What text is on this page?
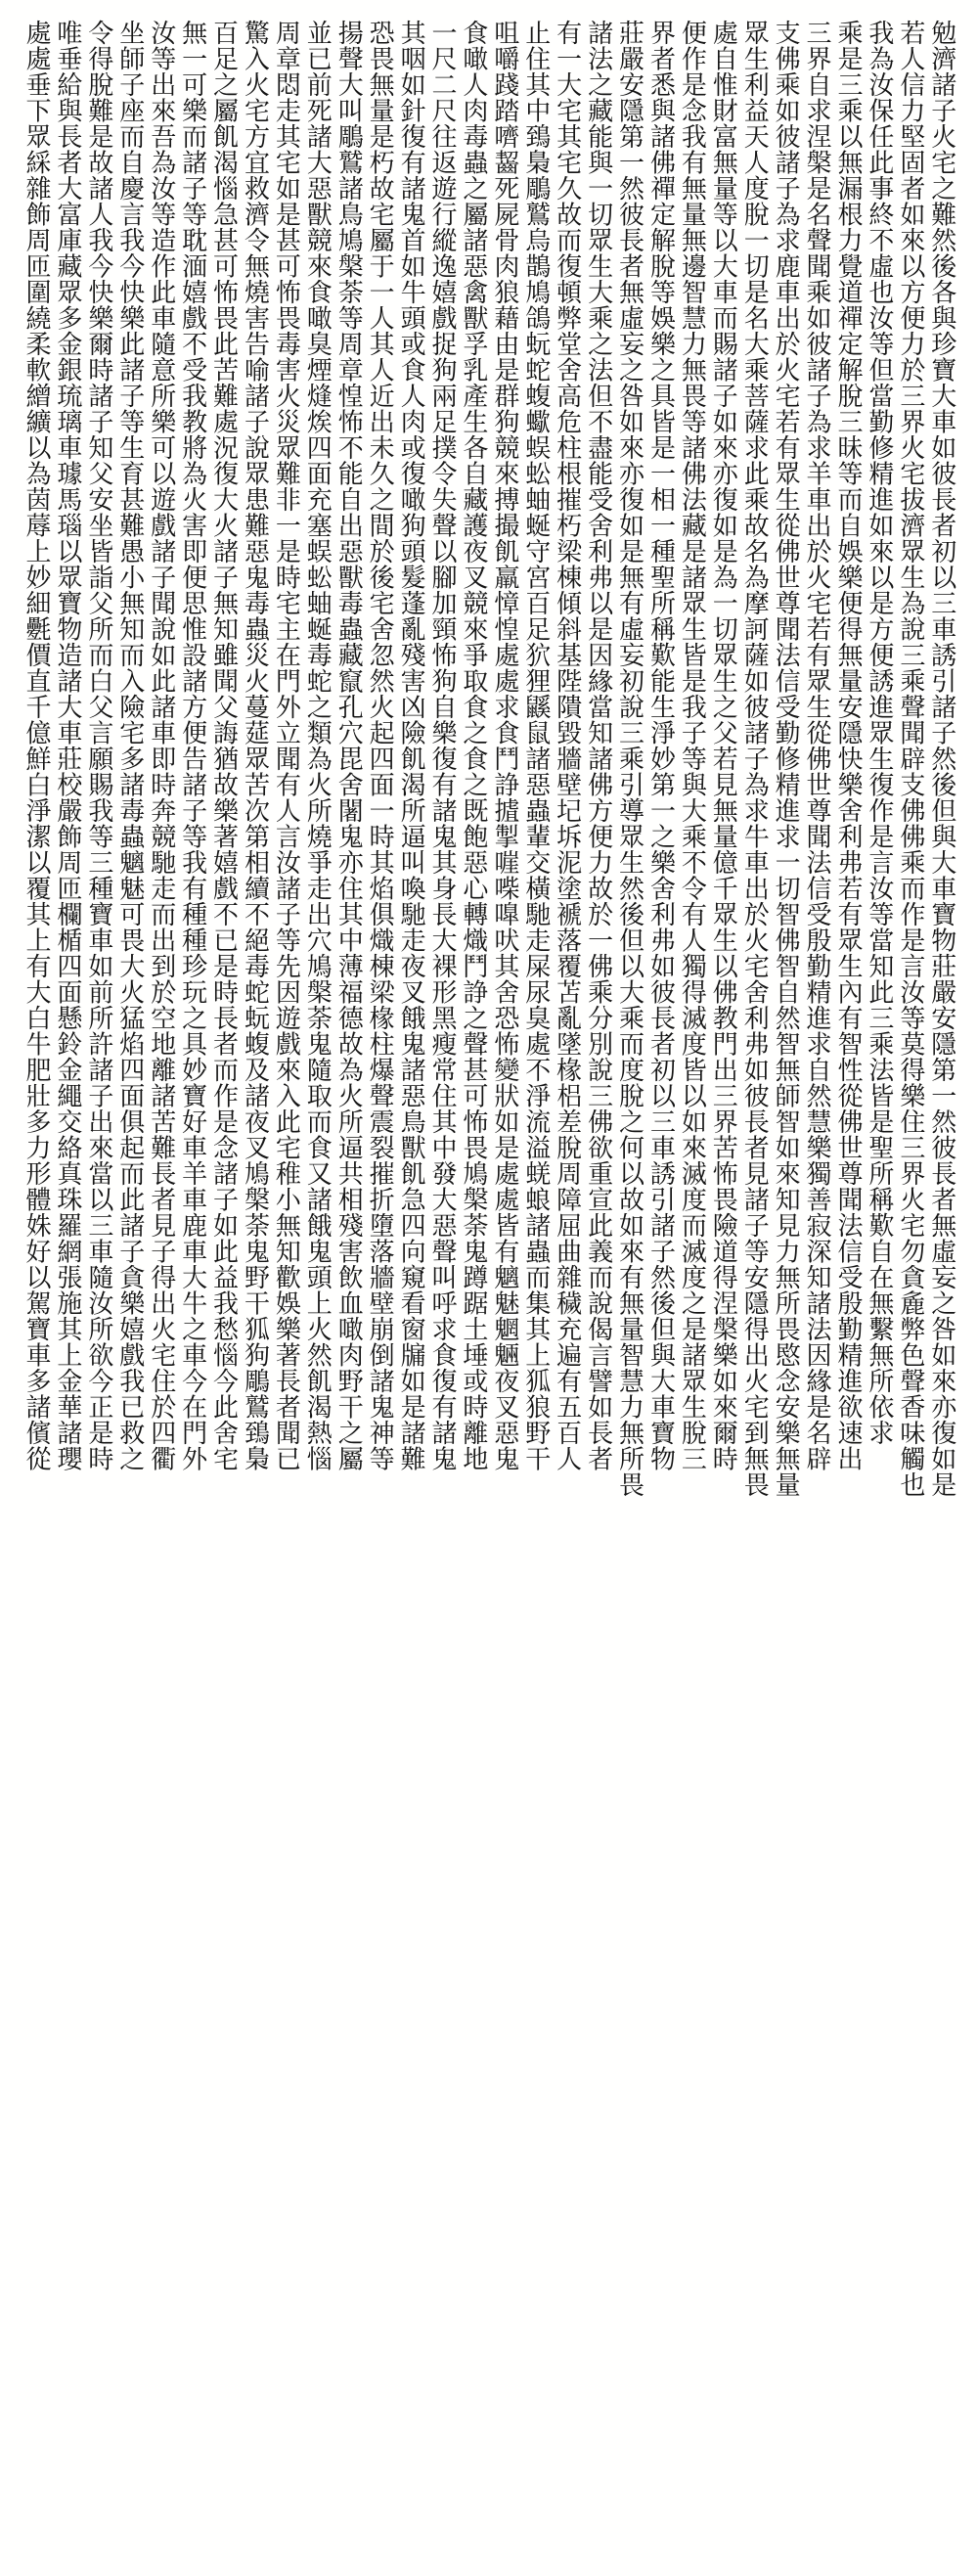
勉濟諸子火宅之難然後各與珍寶大車如彼長者初以三車誘引諸子然後但與大車寶物莊嚴安隱第一然彼長者無虛妄之咎如來亦復如是
若人信力堅固者如來以方便力於三界火宅拔濟眾生為說三乘聲聞辟支佛佛乘而作是言汝等莫得樂住三界火宅勿貪麁弊色聲香味觸也
我為汝保任此事終不虛也汝等但當勤修精進如來以是方便誘進眾生復作是言汝等當知此三乘法皆是聖所稱歎自在無繫無所依求
乘是三乘以無漏根力覺道禪定解脫三昧等而自娛樂便得無量安隱快樂舍利弗若有眾生內有智性從佛世尊聞法信受殷勤精進欲速出
三界自求涅槃是名聲聞乘如彼諸子為求羊車出於火宅若有眾生從佛世尊聞法信受殷勤精進求自然慧樂獨善寂深知諸法因緣是名辟
支佛乘如彼諸子為求鹿車出於火宅若有眾生從佛世尊聞法信受勤修精進求一切智佛智自然智無師智如來知見力無所畏愍念安樂無量
眾生利益天人度脫一切是名大乘菩薩求此乘故名為摩訶薩如彼諸子為求牛車出於火宅舍利弗如彼長者見諸子等安隱得出火宅到無畏
處自惟財富無量等以大車而賜諸子如來亦復如是為一切眾生之父若見無量億千眾生以佛教門出三界苦怖畏險道得涅槃樂如來爾時
便作是念我有無量無邊智慧力無畏等諸佛法藏是諸眾生皆是我子等與大乘不令有人獨得滅度皆以如來滅度而滅度之是諸眾生脫三
界者悉與諸佛禪定解脫等娛樂之具皆是一相一種聖所稱歎能生淨妙第一之樂舍利弗如彼長者初以三車誘引諸子然後但與大車寶物
莊嚴安隱第一然彼長者無虛妄之咎如來亦復如是無有虛妄初說三乘引導眾生然後但以大乘而度脫之何以故如來有無量智慧力無所畏
諸法之藏能與一切眾生大乘之法但不盡能受舍利弗以是因緣當知諸佛方便力故於一佛乘分別說三佛欲重宣此義而說偈言譬如長者
有一大宅其宅久故而復頓弊堂舍高危柱根摧朽梁棟傾斜基陛隤毀牆壁圮坼泥塗褫落覆苫亂墜椽梠差脫周障屈曲雜穢充遍有五百人
止住其中鵄梟鵰鷲烏鵲鳩鴿蚖蛇蝮蠍蜈蚣蚰蜒守宮百足狖狸鼷鼠諸惡蟲輩交橫馳走屎尿臭處不淨流溢蜣蜋諸蟲而集其上狐狼野干
咀嚼踐踏嚌齧死屍骨肉狼藉由是群狗競來搏撮飢羸慞惶處處求食鬥諍摣掣嘊喍嘷吠其舍恐怖變狀如是處處皆有魑魅魍魎夜叉惡鬼
食噉人肉毒蟲之屬諸惡禽獸孚乳產生各自藏護夜叉競來爭取食之食之既飽惡心轉熾鬥諍之聲甚可怖畏鳩槃荼鬼蹲踞土埵或時離地
一尺二尺往返遊行縱逸嬉戲捉狗兩足撲令失聲以腳加頸怖狗自樂復有諸鬼其身長大裸形黑瘦常住其中發大惡聲叫呼求食復有諸鬼
其咽如針復有諸鬼首如牛頭或食人肉或復噉狗頭髮蓬亂殘害凶險飢渴所逼叫喚馳走夜叉餓鬼諸惡鳥獸飢急四向窺看窗牖如是諸難
恐畏無量是朽故宅屬于一人其人近出未久之間於後宅舍忽然火起四面一時其焰俱熾棟梁椽柱爆聲震裂摧折墮落牆壁崩倒諸鬼神等
揚聲大叫鵰鷲諸鳥鳩槃荼等周章惶怖不能自出惡獸毒蟲藏竄孔穴毘舍闍鬼亦住其中薄福德故為火所逼共相殘害飲血噉肉野干之屬
並已前死諸大惡獸競來食噉臭煙熢㶼四面充塞蜈蚣蚰蜒毒蛇之類為火所燒爭走出穴鳩槃荼鬼隨取而食又諸餓鬼頭上火然飢渴熱惱
周章悶走其宅如是甚可怖畏毒害火災眾難非一是時宅主在門外立聞有人言汝諸子等先因遊戲來入此宅稚小無知歡娛樂著長者聞已
驚入火宅方宜救濟令無燒害告喻諸子說眾患難惡鬼毒蟲災火蔓莚眾苦次第相續不絕毒蛇蚖蝮及諸夜叉鳩槃荼鬼野干狐狗鵰鷲鵄梟
百足之屬飢渴惱急甚可怖畏此苦難處況復大火諸子無知雖聞父誨猶故樂著嬉戲不已是時長者而作是念諸子如此益我愁惱今此舍宅
無一可樂而諸子等耽湎嬉戲不受我教將為火害即便思惟設諸方便告諸子等我有種種珍玩之具妙寶好車羊車鹿車大牛之車今在門外
汝等出來吾為汝等造作此車隨意所樂可以遊戲諸子聞說如此諸車即時奔競馳走而出到於空地離諸苦難長者見子得出火宅住於四衢
坐師子座而自慶言我今快樂此諸子等生育甚難愚小無知而入險宅多諸毒蟲魑魅可畏大火猛焰四面俱起而此諸子貪樂嬉戲我已救之
令得脫難是故諸人我今快樂爾時諸子知父安坐皆詣父所而白父言願賜我等三種寶車如前所許諸子出來當以三車隨汝所欲今正是時
唯垂給與長者大富庫藏眾多金銀琉璃車璩馬瑙以眾寶物造諸大車莊校嚴飾周匝欄楯四面懸鈴金繩交絡真珠羅網張施其上金華諸瓔
處處垂下眾綵雜飾周匝圍繞柔軟繒纊以為茵蓐上妙細氎價直千億鮮白淨潔以覆其上有大白牛肥壯多力形體姝好以駕寶車多諸儐從
